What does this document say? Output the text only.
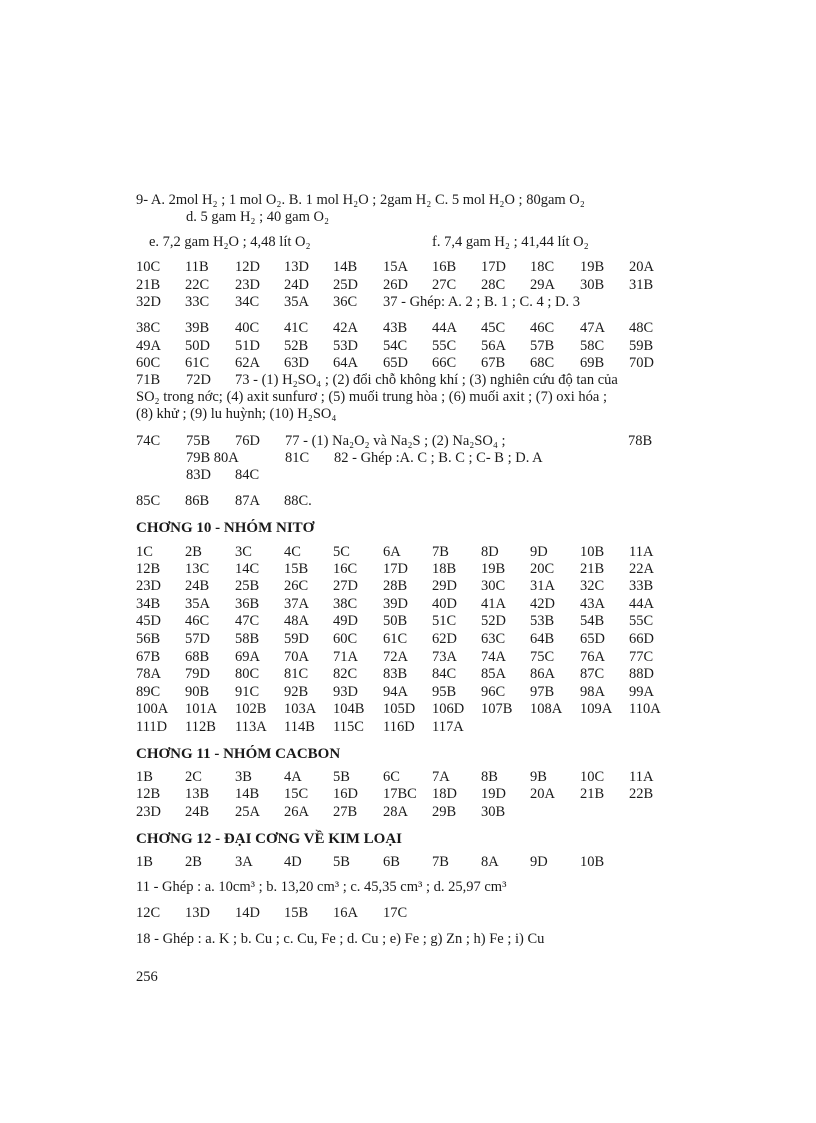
9- A. 2mol H₂ ; 1 mol O₂. B. 1 mol H₂O ; 2gam H₂ C. 5 mol H₂O ; 80gam O₂
d. 5 gam H₂ ; 40 gam O₂
e. 7,2 gam H₂O ; 4,48 lít O₂	f. 7,4 gam H₂ ; 41,44 lít O₂
10C 11B 12D 13D 14B 15A 16B 17D 18C 19B 20A
21B 22C 23D 24D 25D 26D 27C 28C 29A 30B 31B
32D 33C 34C 35A 36C 37 - Ghép: A. 2 ; B. 1 ; C. 4 ; D. 3
38C 39B 40C 41C 42A 43B 44A 45C 46C 47A 48C
49A 50D 51D 52B 53D 54C 55C 56A 57B 58C 59B
60C 61C 62A 63D 64A 65D 66C 67B 68C 69B 70D
71B 72D 73 - (1) H₂SO₄ ; (2) đổi chỗ không khí ; (3) nghiên cứu độ tan của
SO₂ trong nớc; (4) axit sunfurơ ; (5) muối trung hòa ; (6) muối axit ; (7) oxi hóa ;
(8) khử ; (9) lu huỳnh; (10) H₂SO₄
74C 75B 76D 77 - (1) Na₂O₂ và Na₂S ; (2) Na₂SO₄ ;	78B
79B 80A	81C 82 - Ghép :A. C ; B. C ; C- B ; D. A
83D 84C
85C 86B 87A 88C.
CHƠNG 10 - NHÓM NITƠ
1C 2B 3C 4C 5C 6A 7B 8D 9D 10B 11A
12B 13C 14C 15B 16C 17D 18B 19B 20C 21B 22A
23D 24B 25B 26C 27D 28B 29D 30C 31A 32C 33B
34B 35A 36B 37A 38C 39D 40D 41A 42D 43A 44A
45D 46C 47C 48A 49D 50B 51C 52D 53B 54B 55C
56B 57D 58B 59D 60C 61C 62D 63C 64B 65D 66D
67B 68B 69A 70A 71A 72A 73A 74A 75C 76A 77C
78A 79D 80C 81C 82C 83B 84C 85A 86A 87C 88D
89C 90B 91C 92B 93D 94A 95B 96C 97B 98A 99A
100A 101A 102B 103A 104B 105D 106D 107B 108A 109A 110A
111D 112B 113A 114B 115C 116D 117A
CHƠNG 11 - NHÓM CACBON
1B 2C 3B 4A 5B 6C 7A 8B 9B 10C 11A
12B 13B 14B 15C 16D 17BC 18D 19D 20A 21B 22B
23D 24B 25A 26A 27B 28A 29B 30B
CHƠNG 12 - ĐẠI CƠNG VỀ KIM LOẠI
1B 2B 3A 4D 5B 6B 7B 8A 9D 10B
11 - Ghép : a. 10cm³ ; b. 13,20 cm³ ; c. 45,35 cm³ ; d. 25,97 cm³
12C 13D 14D 15B 16A 17C
18 - Ghép : a. K ; b. Cu ; c. Cu, Fe ; d. Cu ; e) Fe ; g) Zn ; h) Fe ; i) Cu
256
